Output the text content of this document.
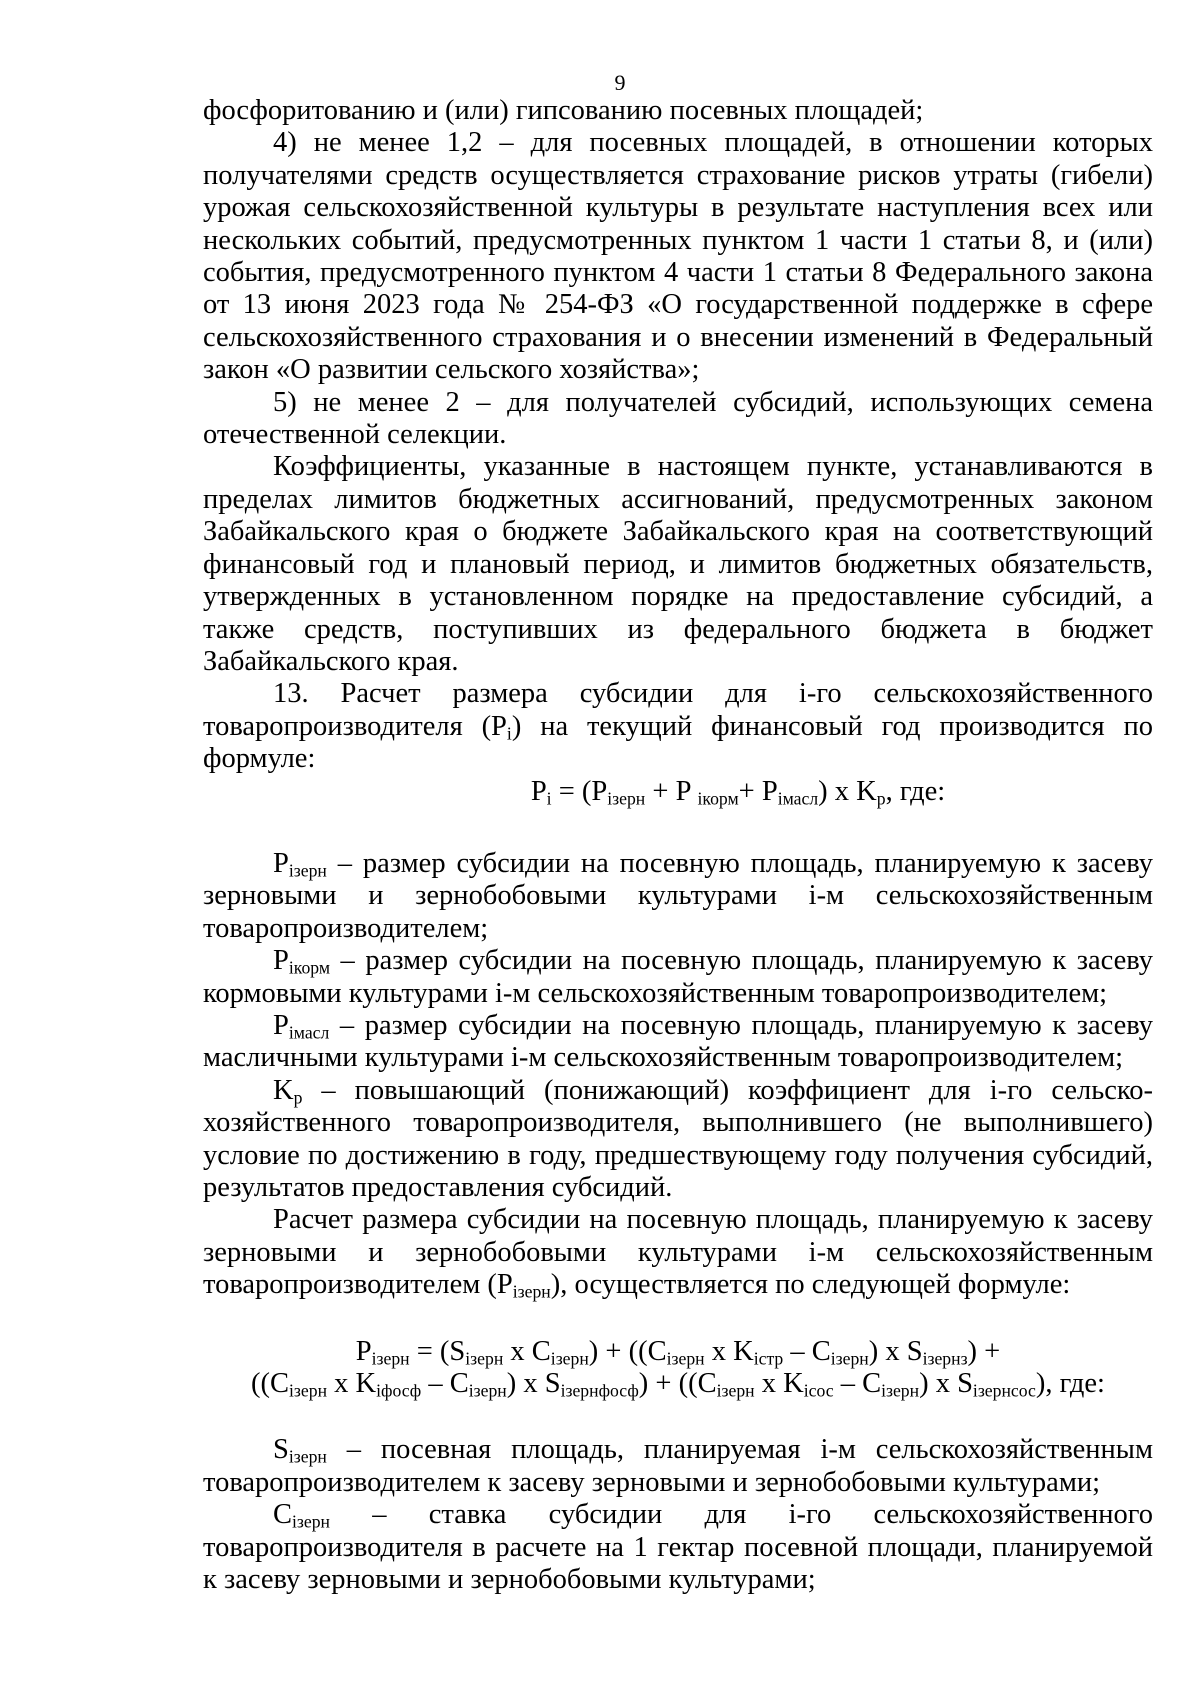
9

фосфоритованию и (или) гипсованию посевных площадей;

4) не менее 1,2 – для посевных площадей, в отношении которых получателями средств осуществляется страхование рисков утраты (гибели) урожая сельскохозяйственной культуры в результате наступления всех или нескольких событий, предусмотренных пунктом 1 части 1 статьи 8, и (или) события, предусмотренного пунктом 4 части 1 статьи 8 Федерального закона от 13 июня 2023 года № 254-ФЗ «О государственной поддержке в сфере сельскохозяйственного страхования и о внесении изменений в Федеральный закон «О развитии сельского хозяйства»;

5) не менее 2 – для получателей субсидий, использующих семена отечественной селекции.

Коэффициенты, указанные в настоящем пункте, устанавливаются в пределах лимитов бюджетных ассигнований, предусмотренных законом Забайкальского края о бюджете Забайкальского края на соответствующий финансовый год и плановый период, и лимитов бюджетных обязательств, утвержденных в установленном порядке на предоставление субсидий, а также средств, поступивших из федерального бюджета в бюджет Забайкальского края.

13. Расчет размера субсидии для i-го сельскохозяйственного товаропроизводителя $(P_i)$ на текущий финансовый год производится по формуле:

$P_i = (P_{iзерн} + P$ $_{iкорм}+ P_{iмасл}$) x $K_р$, где:

$P_{iзерн}$ – размер субсидии на посевную площадь, планируемую к засеву зерновыми и зернобобовыми культурами i-м сельскохозяйственным товаропроизводителем;

$P_{iкорм}$ – размер субсидии на посевную площадь, планируемую к засеву кормовыми культурами i-м сельскохозяйственным товаропроизводителем;

$P_{iмасл}$ – размер субсидии на посевную площадь, планируемую к засеву масличными культурами i-м сельскохозяйственным товаропроизводителем;

$K_р$ – повышающий (понижающий) коэффициент для i-го сельско-хозяйственного товаропроизводителя, выполнившего (не выполнившего) условие по достижению в году, предшествующему году получения субсидий, результатов предоставления субсидий.

Расчет размера субсидии на посевную площадь, планируемую к засеву зерновыми и зернобобовыми культурами i-м сельскохозяйственным товаропроизводителем $(P_{iзерн})$, осуществляется по следующей формуле:

$P_{iзерн} = (S_{iзерн}$ x $C_{iзерн}) + ((C_{iзерн}$ x $K_{iстр} - C_{iзерн}$) x $S_{iзернз}$) +

(($C_{iзерн}$ x $K_{iфосф} - C_{iзерн}$) x $S_{iзернфосф}) + ((C_{iзерн}$ x $K_{iсос} - C_{iзерн}$) x $S_{iзернсос}$), где:

$S_{iзерн}$ – посевная площадь, планируемая i-м сельскохозяйственным товаропроизводителем к засеву зерновыми и зернобобовыми культурами;

$C_{iзерн}$ – ставка субсидии для i-го сельскохозяйственного товаропроизводителя в расчете на 1 гектар посевной площади, планируемой к засеву зерновыми и зернобобовыми культурами;
